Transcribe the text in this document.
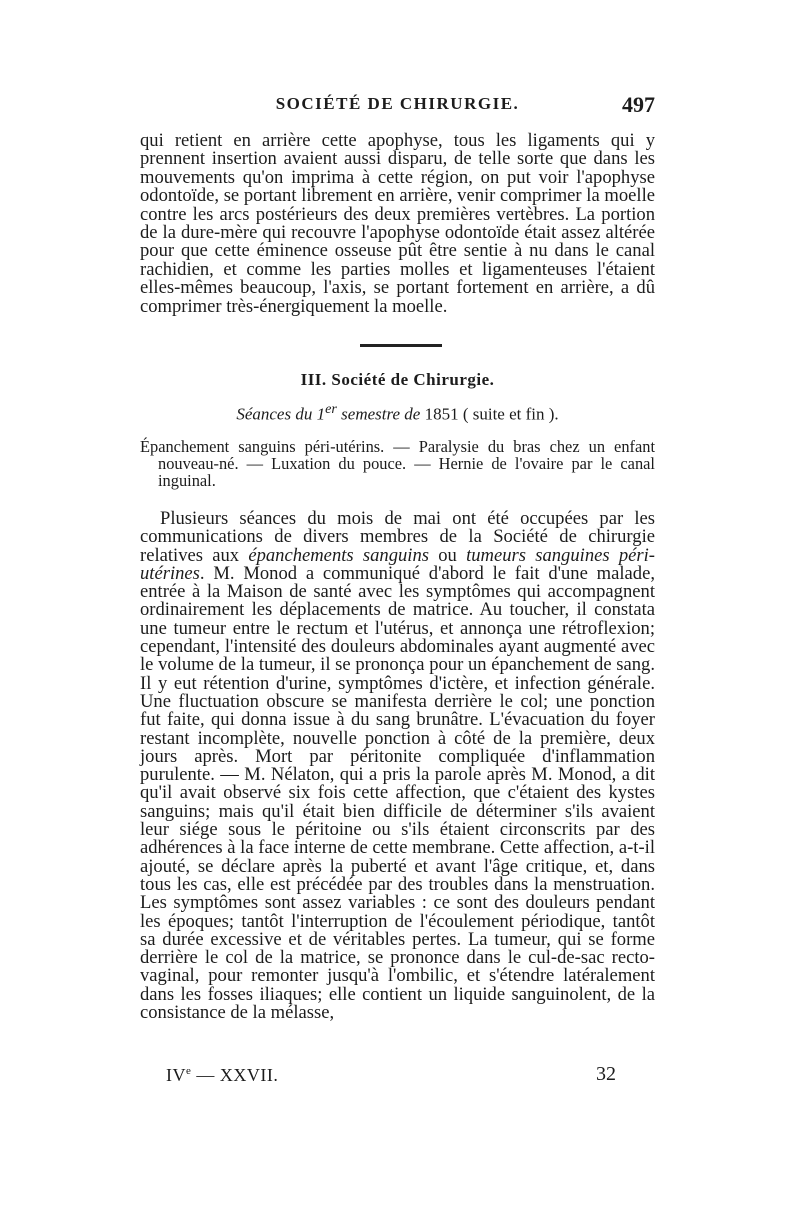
SOCIÉTÉ DE CHIRURGIE.	497

qui retient en arrière cette apophyse, tous les ligaments qui y prennent insertion avaient aussi disparu, de telle sorte que dans les mouvements qu'on imprima à cette région, on put voir l'apophyse odontoïde, se portant librement en arrière, venir comprimer la moelle contre les arcs postérieurs des deux premières vertèbres. La portion de la dure-mère qui recouvre l'apophyse odontoïde était assez altérée pour que cette éminence osseuse pût être sentie à nu dans le canal rachidien, et comme les parties molles et ligamenteuses l'étaient elles-mêmes beaucoup, l'axis, se portant fortement en arrière, a dû comprimer très-énergiquement la moelle.

III. Société de Chirurgie.
Séances du 1er semestre de 1851 ( suite et fin ).
Épanchement sanguins péri-utérins. — Paralysie du bras chez un enfant nouveau-né. — Luxation du pouce. — Hernie de l'ovaire par le canal inguinal.

Plusieurs séances du mois de mai ont été occupées par les communications de divers membres de la Société de chirurgie relatives aux épanchements sanguins ou tumeurs sanguines péri-utérines. M. Monod a communiqué d'abord le fait d'une malade, entrée à la Maison de santé avec les symptômes qui accompagnent ordinairement les déplacements de matrice. Au toucher, il constata une tumeur entre le rectum et l'utérus, et annonça une rétroflexion; cependant, l'intensité des douleurs abdominales ayant augmenté avec le volume de la tumeur, il se prononça pour un épanchement de sang. Il y eut rétention d'urine, symptômes d'ictère, et infection générale. Une fluctuation obscure se manifesta derrière le col; une ponction fut faite, qui donna issue à du sang brunâtre. L'évacuation du foyer restant incomplète, nouvelle ponction à côté de la première, deux jours après. Mort par péritonite compliquée d'inflammation purulente. — M. Nélaton, qui a pris la parole après M. Monod, a dit qu'il avait observé six fois cette affection, que c'étaient des kystes sanguins; mais qu'il était bien difficile de déterminer s'ils avaient leur siége sous le péritoine ou s'ils étaient circonscrits par des adhérences à la face interne de cette membrane. Cette affection, a-t-il ajouté, se déclare après la puberté et avant l'âge critique, et, dans tous les cas, elle est précédée par des troubles dans la menstruation. Les symptômes sont assez variables : ce sont des douleurs pendant les époques; tantôt l'interruption de l'écoulement périodique, tantôt sa durée excessive et de véritables pertes. La tumeur, qui se forme derrière le col de la matrice, se prononce dans le cul-de-sac recto-vaginal, pour remonter jusqu'à l'ombilic, et s'étendre latéralement dans les fosses iliaques; elle contient un liquide sanguinolent, de la consistance de la mélasse,

IVe — XXVII.	32
